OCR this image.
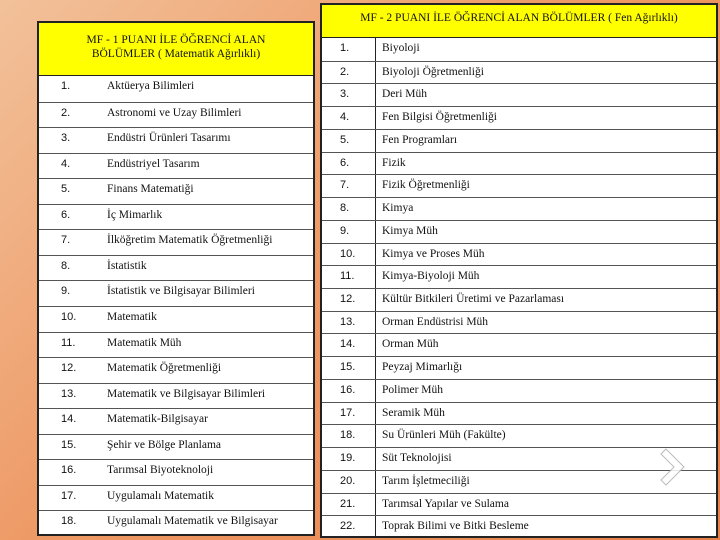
MF - 1 PUANI İLE ÖĞRENCİ ALAN BÖLÜMLER ( Matematik Ağırlıklı)
1.	Aktüerya Bilimleri
2.	Astronomi ve Uzay Bilimleri
3.	Endüstri Ürünleri Tasarımı
4.	Endüstriyel Tasarım
5.	Finans Matematiği
6.	İç Mimarlık
7.	İlköğretim Matematik Öğretmenliği
8.	İstatistik
9.	İstatistik ve Bilgisayar Bilimleri
10.	Matematik
11.	Matematik Müh
12.	Matematik Öğretmenliği
13.	Matematik ve Bilgisayar Bilimleri
14.	Matematik-Bilgisayar
15.	Şehir ve Bölge Planlama
16.	Tarımsal Biyoteknoloji
17.	Uygulamalı Matematik
18.	Uygulamalı Matematik ve Bilgisayar
MF - 2 PUANI İLE ÖĞRENCİ ALAN BÖLÜMLER ( Fen Ağırlıklı)
1.	Biyoloji
2.	Biyoloji Öğretmenliği
3.	Deri Müh
4.	Fen Bilgisi Öğretmenliği
5.	Fen Programları
6.	Fizik
7.	Fizik Öğretmenliği
8.	Kimya
9.	Kimya Müh
10.	Kimya ve Proses Müh
11.	Kimya-Biyoloji Müh
12.	Kültür Bitkileri Üretimi ve Pazarlaması
13.	Orman Endüstrisi Müh
14.	Orman Müh
15.	Peyzaj Mimarlığı
16.	Polimer Müh
17.	Seramik Müh
18.	Su Ürünleri Müh (Fakülte)
19.	Süt Teknolojisi
20.	Tarım İşletmeciliği
21.	Tarımsal Yapılar ve Sulama
22.	Toprak Bilimi ve Bitki Besleme
